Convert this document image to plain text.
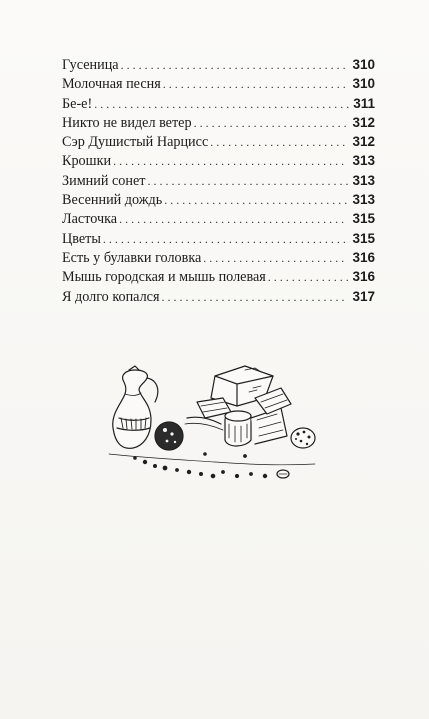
Гусеница . . .	310
Молочная песня . . .	310
Бе-е! . . .	311
Никто не видел ветер . . .	312
Сэр Душистый Нарцисс . . .	312
Крошки . . .	313
Зимний сонет . . .	313
Весенний дождь . . .	313
Ласточка . . .	315
Цветы . . .	315
Есть у булавки головка . . .	316
Мышь городская и мышь полевая . . .	316
Я долго копался . . .	317
